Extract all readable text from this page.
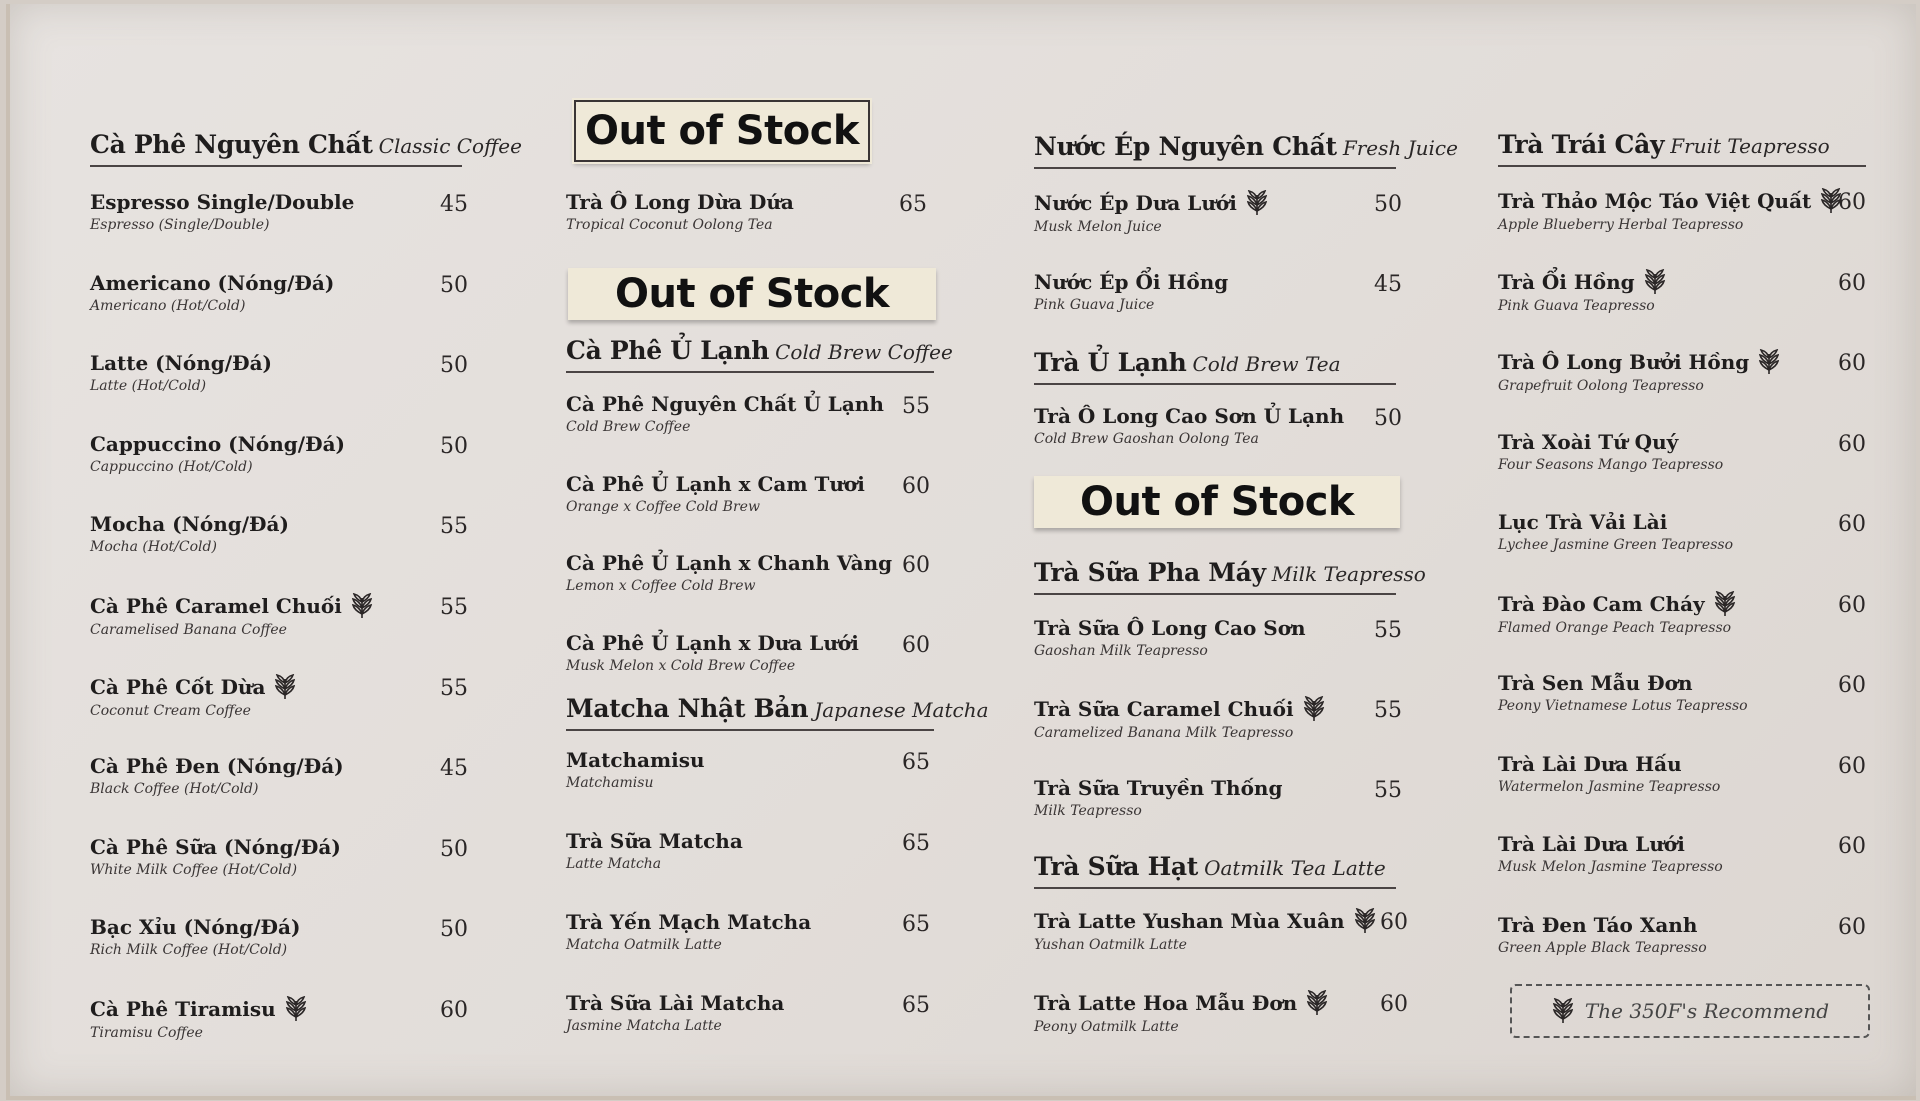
Cà Phê Nguyên Chất Classic Coffee
Espresso Single/Double
Espresso (Single/Double)
45
Americano (Nóng/Đá)
Americano (Hot/Cold)
50
Latte (Nóng/Đá)
Latte (Hot/Cold)
50
Cappuccino (Nóng/Đá)
Cappuccino (Hot/Cold)
50
Mocha (Nóng/Đá)
Mocha (Hot/Cold)
55
Cà Phê Caramel Chuối
Caramelised Banana Coffee
55
Cà Phê Cốt Dừa
Coconut Cream Coffee
55
Cà Phê Đen (Nóng/Đá)
Black Coffee (Hot/Cold)
45
Cà Phê Sữa (Nóng/Đá)
White Milk Coffee (Hot/Cold)
50
Bạc Xỉu (Nóng/Đá)
Rich Milk Coffee (Hot/Cold)
50
Cà Phê Tiramisu
Tiramisu Coffee
60
Out of Stock
Trà Ô Long Dừa Dứa
Tropical Coconut Oolong Tea
65
Out of Stock
Cà Phê Ủ Lạnh Cold Brew Coffee
Cà Phê Nguyên Chất Ủ Lạnh
Cold Brew Coffee
55
Cà Phê Ủ Lạnh x Cam Tươi
Orange x Coffee Cold Brew
60
Cà Phê Ủ Lạnh x Chanh Vàng
Lemon x Coffee Cold Brew
60
Cà Phê Ủ Lạnh x Dưa Lưới
Musk Melon x Cold Brew Coffee
60
Matcha Nhật Bản Japanese Matcha
Matchamisu
Matchamisu
65
Trà Sữa Matcha
Latte Matcha
65
Trà Yến Mạch Matcha
Matcha Oatmilk Latte
65
Trà Sữa Lài Matcha
Jasmine Matcha Latte
65
Nước Ép Nguyên Chất Fresh Juice
Nước Ép Dưa Lưới
Musk Melon Juice
50
Nước Ép Ổi Hồng
Pink Guava Juice
45
Trà Ủ Lạnh Cold Brew Tea
Trà Ô Long Cao Sơn Ủ Lạnh
Cold Brew Gaoshan Oolong Tea
50
Out of Stock
Trà Sữa Pha Máy Milk Teapresso
Trà Sữa Ô Long Cao Sơn
Gaoshan Milk Teapresso
55
Trà Sữa Caramel Chuối
Caramelized Banana Milk Teapresso
55
Trà Sữa Truyền Thống
Milk Teapresso
55
Trà Sữa Hạt Oatmilk Tea Latte
Trà Latte Yushan Mùa Xuân
Yushan Oatmilk Latte
60
Trà Latte Hoa Mẫu Đơn
Peony Oatmilk Latte
60
Trà Trái Cây Fruit Teapresso
Trà Thảo Mộc Táo Việt Quất
Apple Blueberry Herbal Teapresso
60
Trà Ổi Hồng
Pink Guava Teapresso
60
Trà Ô Long Bưởi Hồng
Grapefruit Oolong Teapresso
60
Trà Xoài Tứ Quý
Four Seasons Mango Teapresso
60
Lục Trà Vải Lài
Lychee Jasmine Green Teapresso
60
Trà Đào Cam Cháy
Flamed Orange Peach Teapresso
60
Trà Sen Mẫu Đơn
Peony Vietnamese Lotus Teapresso
60
Trà Lài Dưa Hấu
Watermelon Jasmine Teapresso
60
Trà Lài Dưa Lưới
Musk Melon Jasmine Teapresso
60
Trà Đen Táo Xanh
Green Apple Black Teapresso
60
The 350F's Recommend
